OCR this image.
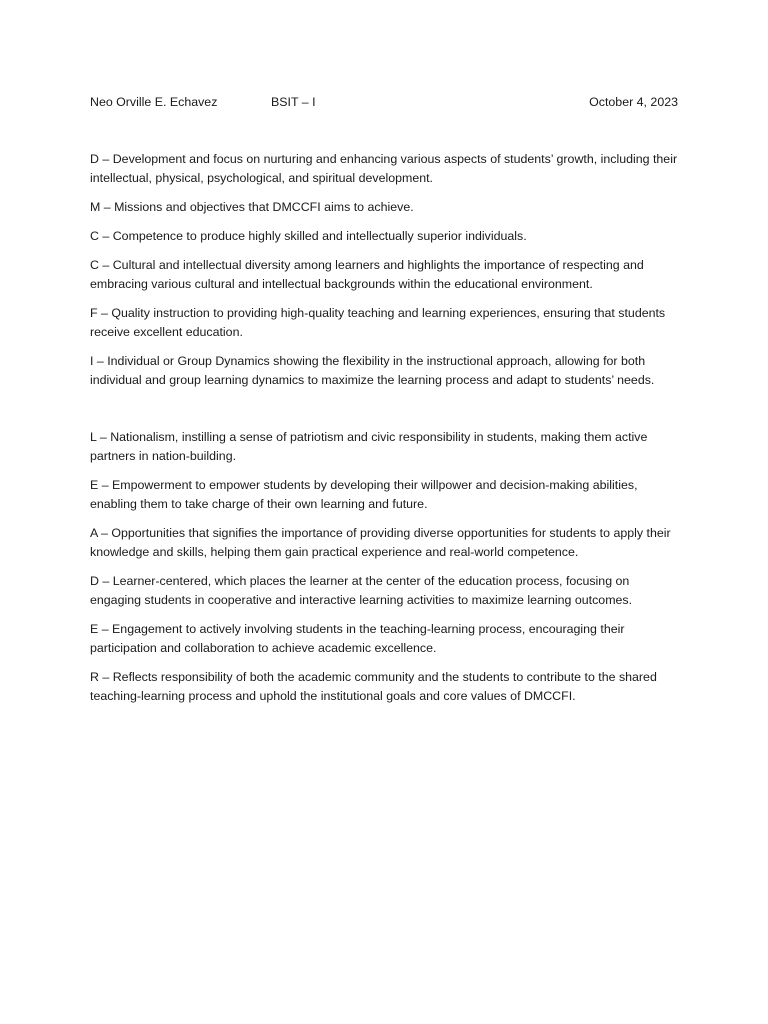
Neo Orville E. Echavez	BSIT – I	October 4, 2023

D – Development and focus on nurturing and enhancing various aspects of students’ growth, including their intellectual, physical, psychological, and spiritual development.

M – Missions and objectives that DMCCFI aims to achieve.

C – Competence to produce highly skilled and intellectually superior individuals.

C – Cultural and intellectual diversity among learners and highlights the importance of respecting and embracing various cultural and intellectual backgrounds within the educational environment.

F – Quality instruction to providing high-quality teaching and learning experiences, ensuring that students receive excellent education.

I – Individual or Group Dynamics showing the flexibility in the instructional approach, allowing for both individual and group learning dynamics to maximize the learning process and adapt to students’ needs.

L – Nationalism, instilling a sense of patriotism and civic responsibility in students, making them active partners in nation-building.

E – Empowerment to empower students by developing their willpower and decision-making abilities, enabling them to take charge of their own learning and future.

A – Opportunities that signifies the importance of providing diverse opportunities for students to apply their knowledge and skills, helping them gain practical experience and real-world competence.

D – Learner-centered, which places the learner at the center of the education process, focusing on engaging students in cooperative and interactive learning activities to maximize learning outcomes.

E – Engagement to actively involving students in the teaching-learning process, encouraging their participation and collaboration to achieve academic excellence.

R – Reflects responsibility of both the academic community and the students to contribute to the shared teaching-learning process and uphold the institutional goals and core values of DMCCFI.
